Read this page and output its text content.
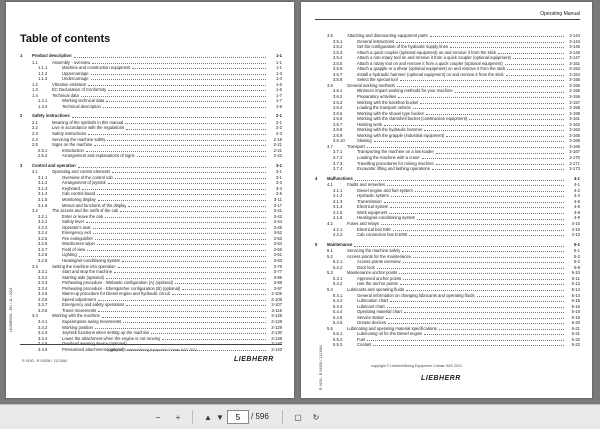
Table of contents
1	Product description	1-1
1.1	Assembly - overview	1-1
1.1.1	Machine and construction equipment	1-1
1.1.2	Uppercarriage	1-3
1.1.3	Undercarriage	1-4
1.2	Vibration emission	1-6
1.3	EC Declaration of Conformity	1-6
1.4	Technical data	1-7
1.4.1	Working technical data	1-7
1.4.2	Technical description	1-8
2	Safety instructions	2-1
2.1	Meaning of the symbols in this manual	2-1
2.2	Live in accordance with the regulations	2-2
2.3	Safety instructions	2-3
2.4	Servicing the machine safely	2-18
2.5	Signs on the machine	2-21
2.5.1	Introduction	2-21
2.5.2	Arrangement and explanations of signs	2-22
3	Control and operation	3-1
3.1	Operating and control elements	3-1
3.1.1	Overview of the control cab	3-1
3.1.2	Arrangement of joystick	3-3
3.1.3	Keyboard	3-4
3.1.4	Cab control board	3-5
3.1.5	Monitoring display	3-11
3.1.6	Menus and functions of the display	3-17
3.2	The access and the outfit of the cab	3-41
3.2.1	Enter or leave the cab	3-42
3.2.2	Safety lever	3-44
3.2.3	Operator's seat	3-45
3.2.4	Emergency exit	3-52
3.2.5	Fire extinguisher	3-53
3.2.6	Windscreen wiper	3-54
3.2.7	Field of view	3-56
3.2.8	Lighting	3-61
3.2.9	Heating/air-conditioning system	3-63
3.3	Setting the machine into operation	3-76
3.3.1	Start and stop the machine	3-77
3.3.2	Starting aids (optional)	3-86
3.3.3	Preheating procedure - Webasto configuration (A) (optional)	3-89
3.3.4	Preheating procedure - Eberspächer configuration (B) (optional)	3-97
3.3.5	Warm-up procedure for Diesel engine and hydraulic circuit	3-105
3.3.6	Speed adjustment	3-106
3.3.7	Emergency and safety operations	3-107
3.3.8	Travel movements	3-119
3.4	Working with the machine	3-128
3.4.1	Superimpose swing movements	3-128
3.4.2	Working position	3-129
3.4.3	Joystick functions when setting up the machine	3-130
3.4.4	Lower the attachment when the engine is not running	3-138
3.4.5	Overload warning device (optional)	3-140
3.4.6	Pressurised attachment (optional)	3-143
copyright © LiebherrMining Equipment Colmar SAS 2021
R 9150 - R 91508 / 1121084
LEOMR001 - EN / 11 / 2021
LIEBHERR
Operating Manual
3.5	Attaching and dismounting equipment parts	3-144
3.5.1	General instructions	3-144
3.5.2	Set the configuration of the hydraulic supply lines	3-145
3.5.3	Attach a quick coupler (optional equipment) on and remove it from the stick	3-146
3.5.4	Attach a non-rotary tool on and remove it from a quick coupler (optional equipment)	3-147
3.5.5	Attach a rotary tool on and remove it from a quick coupler (optional equipment)	3-151
3.5.6	Attach a grapple or a shear (optional equipment) on and remove it from the stick	3-153
3.5.7	Install a hydraulic hammer (optional equipment) on and remove it from the stick	3-154
3.5.8	Select the special tool	3-155
3.6	General working methods	3-155
3.6.1	Minimum impact working methods for your machine	3-155
3.6.2	Preparatory activities	3-156
3.6.3	Working with the backhoe bucket	3-157
3.6.4	Loading the transport vehicle	3-158
3.6.5	Working with the shovel type bucket	3-159
3.6.6	Working with the clamshell bucket (construction equipment)	3-161
3.6.7	Hoisting work	3-162
3.6.8	Working with the hydraulic hammer	3-163
3.6.9	Working with the grapple (industrial equipment)	3-165
3.6.10	Slewing	3-166
3.7	Transport	3-166
3.7.1	Transporting the machine on a low loader	3-167
3.7.2	Loading the machine with a crane	3-170
3.7.3	Travelling procedures for mining machine	3-171
3.7.4	Excavator lifting and lashing operations	3-173
4	Malfunctions	4-1
4.1	Faults and remedies	4-1
4.1.1	Diesel engine and fuel system	4-2
4.1.2	Hydraulic system	4-4
4.1.3	Transmission	4-6
4.1.4	Electrical system	4-6
4.1.5	Work equipment	4-8
4.1.6	Heating/air-conditioning system	4-9
4.2	Fuses and relays	4-10
4.2.1	Electrical box E60	4-10
4.2.2	Cab connection box E1005	4-13
5	Maintenance	5-1
5.1	Servicing the machine safely	5-1
5.2	Access points for the maintenance	5-2
5.2.1	Access points overview	5-2
5.2.2	Door lock	5-9
5.3	Maintenance anchor points	5-10
5.3.1	Approved anchor points	5-11
5.3.2	Use the anchor points	5-13
5.4	Lubricants and operating fluids	5-14
5.4.1	General information on changing lubricants and operating fluids	5-14
5.4.2	Lubrication chart	5-15
5.4.3	Lubricant chart	5-16
5.4.4	Operating material chart	5-18
5.4.5	Service station	5-19
5.4.6	Grease devices	5-20
5.5	Lubricating and operating material specifications	5-21
5.5.1	Lubricating oil for the Diesel engine	5-21
5.5.2	Fuel	5-22
5.5.3	Coolant	5-22
copyright © LiebherrMining Equipment Colmar SAS 2021
R 9150 - R 91508 / 1121084	LIEBHERR
−	+	▲ ▼
5	/ 596	▢	↻
